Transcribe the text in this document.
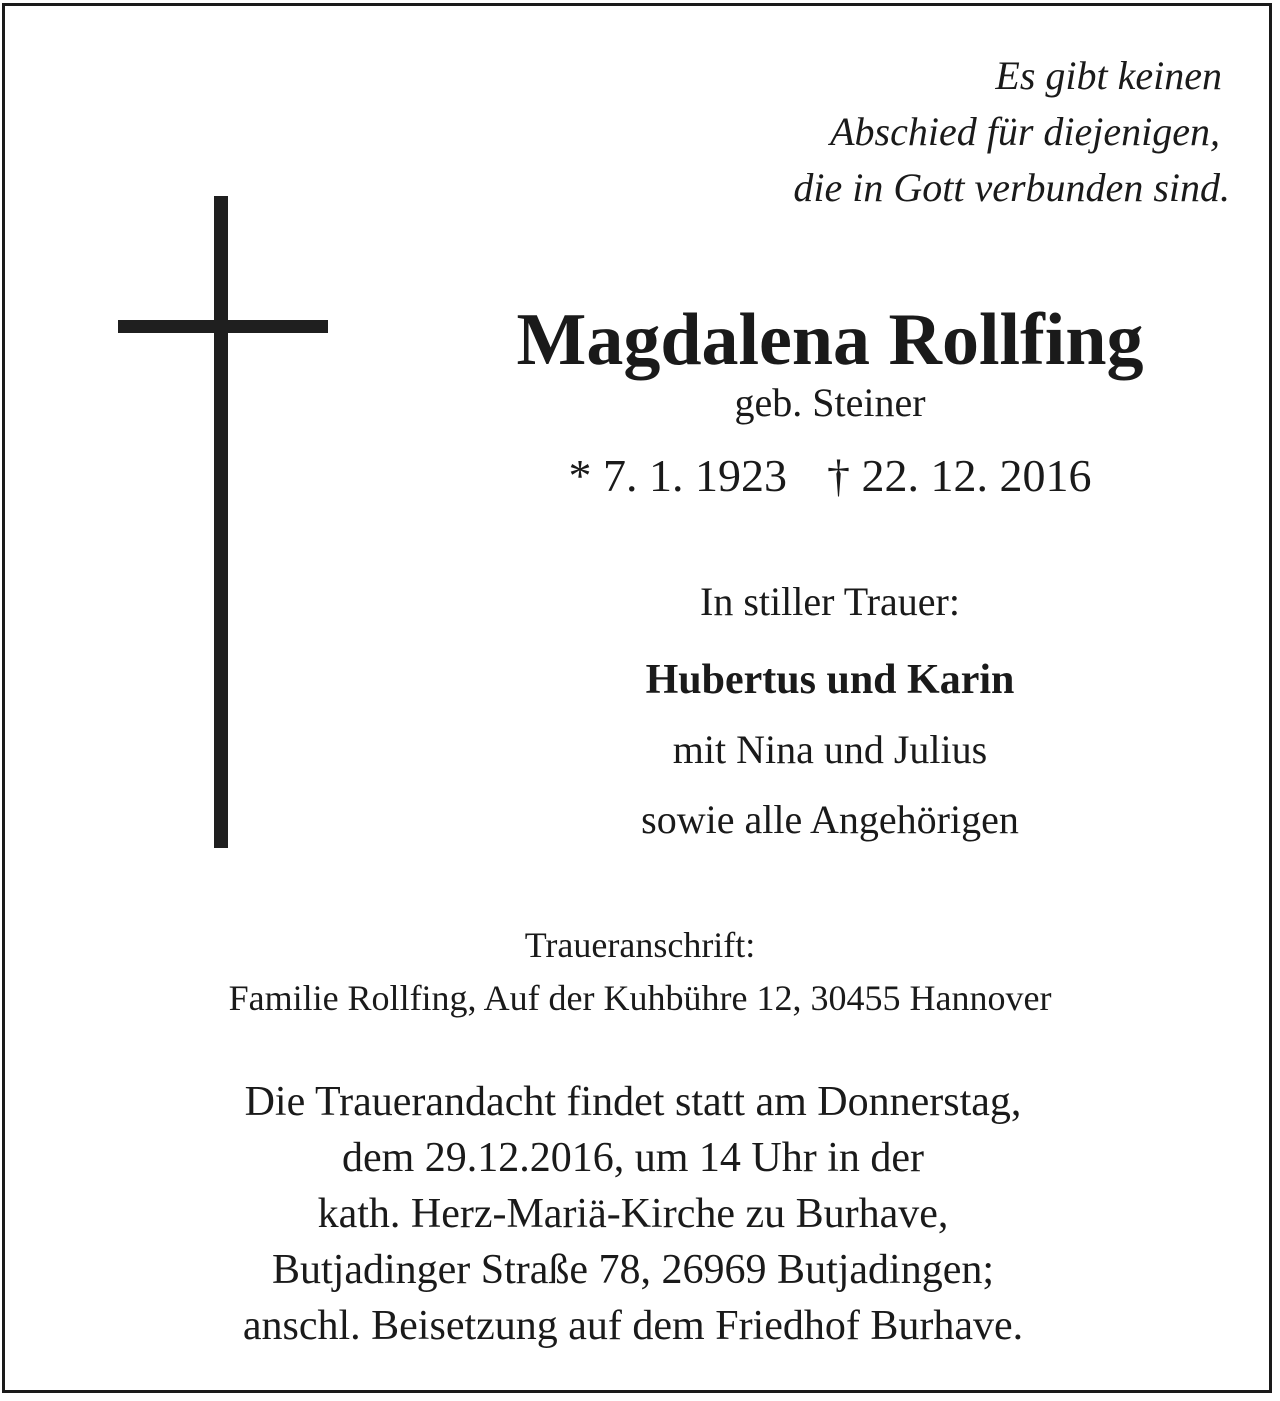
Es gibt keinen
Abschied für diejenigen,
die in Gott verbunden sind.
Magdalena Rollfing
geb. Steiner
* 7. 1. 1923 † 22. 12. 2016
In stiller Trauer:
Hubertus und Karin
mit Nina und Julius
sowie alle Angehörigen
Traueranschrift:
Familie Rollfing, Auf der Kuhbühre 12, 30455 Hannover
Die Trauerandacht findet statt am Donnerstag,
dem 29.12.2016, um 14 Uhr in der
kath. Herz-Mariä-Kirche zu Burhave,
Butjadinger Straße 78, 26969 Butjadingen;
anschl. Beisetzung auf dem Friedhof Burhave.
